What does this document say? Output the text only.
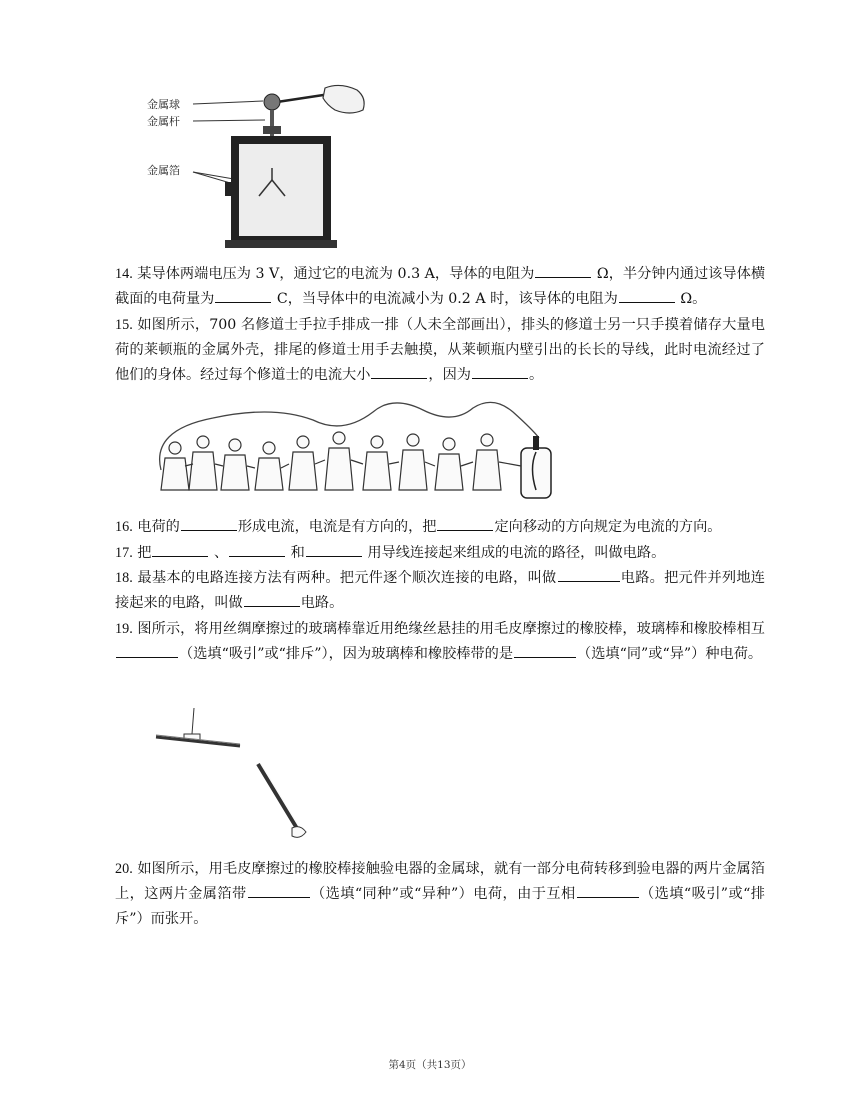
金属球
金属杆
金属箔
14. 某导体两端电压为 3 V，通过它的电流为 0.3 A，导体的电阻为	Ω，半分钟内通过该导体横截面的电荷量为	C，当导体中的电流减小为 0.2 A 时，该导体的电阻为	Ω。
15. 如图所示，700 名修道士手拉手排成一排（人未全部画出），排头的修道士另一只手摸着储存大量电荷的莱顿瓶的金属外壳，排尾的修道士用手去触摸，从莱顿瓶内壁引出的长长的导线，此时电流经过了他们的身体。经过每个修道士的电流大小	，因为	。
16. 电荷的	形成电流，电流是有方向的，把	定向移动的方向规定为电流的方向。
17. 把	、	和	用导线连接起来组成的电流的路径，叫做电路。
18. 最基本的电路连接方法有两种。把元件逐个顺次连接的电路，叫做	电路。把元件并列地连接起来的电路，叫做	电路。
19. 图所示，将用丝绸摩擦过的玻璃棒靠近用绝缘丝悬挂的用毛皮摩擦过的橡胶棒，玻璃棒和橡胶棒相互（选填“吸引”或“排斥”），因为玻璃棒和橡胶棒带的是	（选填“同”或“异”）种电荷。
20. 如图所示，用毛皮摩擦过的橡胶棒接触验电器的金属球，就有一部分电荷转移到验电器的两片金属箔上，这两片金属箔带	（选填“同种”或“异种”）电荷，由于互相	（选填“吸引”或“排斥”）而张开。
第4页（共13页）
